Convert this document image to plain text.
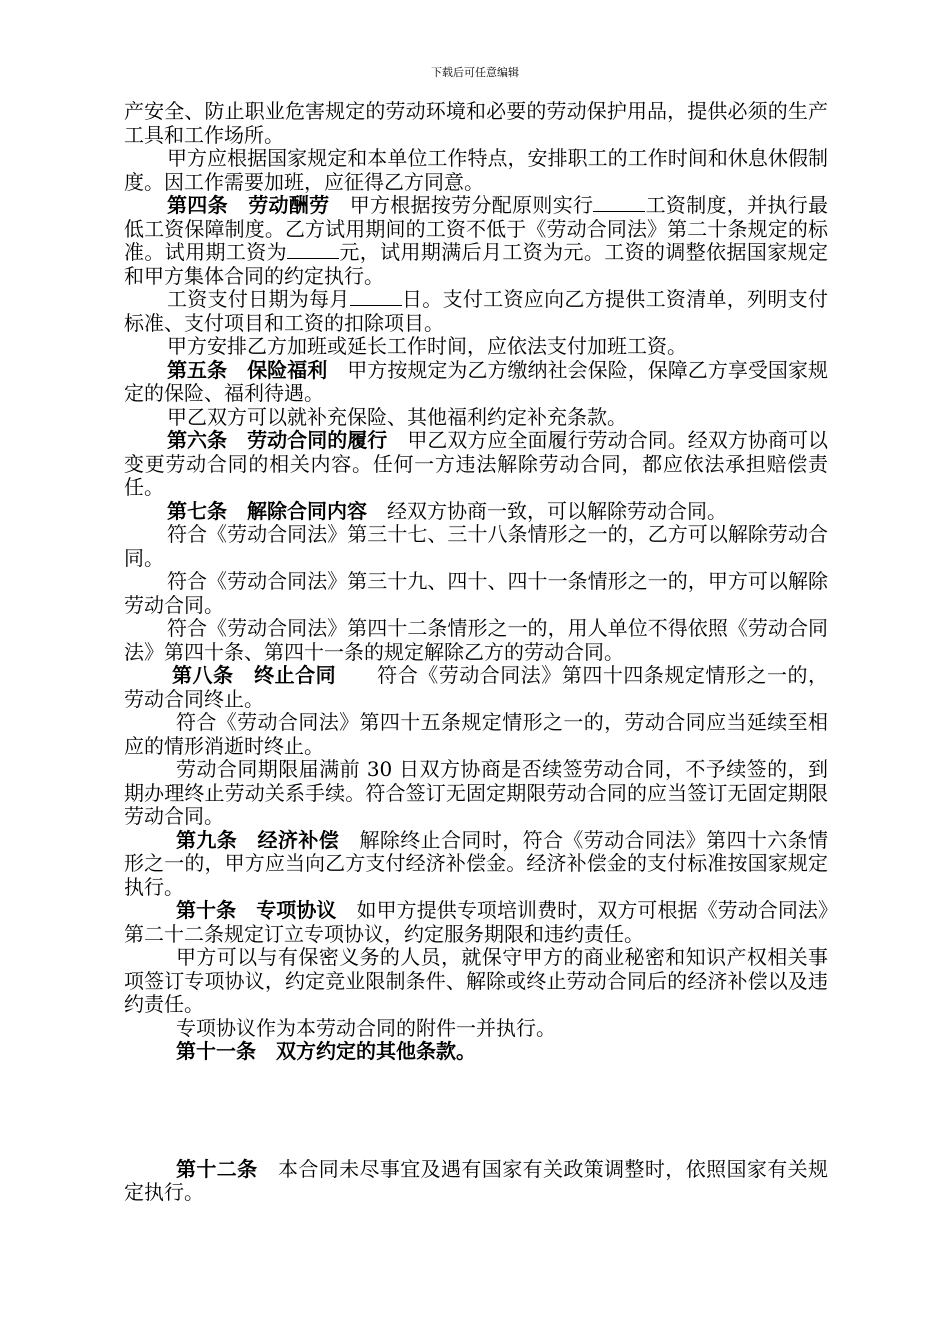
下载后可任意编辑

产安全、防止职业危害规定的劳动环境和必要的劳动保护用品，提供必须的生产工具和工作场所。

甲方应根据国家规定和本单位工作特点，安排职工的工作时间和休息休假制度。因工作需要加班，应征得乙方同意。

第四条　劳动酬劳　甲方根据按劳分配原则实行	工资制度，并执行最低工资保障制度。乙方试用期间的工资不低于《劳动合同法》第二十条规定的标准。试用期工资为	元，试用期满后月工资为元。工资的调整依据国家规定和甲方集体合同的约定执行。

工资支付日期为每月	日。支付工资应向乙方提供工资清单，列明支付标准、支付项目和工资的扣除项目。

甲方安排乙方加班或延长工作时间，应依法支付加班工资。

第五条　保险福利　甲方按规定为乙方缴纳社会保险，保障乙方享受国家规定的保险、福利待遇。

甲乙双方可以就补充保险、其他福利约定补充条款。

第六条　劳动合同的履行　甲乙双方应全面履行劳动合同。经双方协商可以变更劳动合同的相关内容。任何一方违法解除劳动合同，都应依法承担赔偿责任。

第七条　解除合同内容　经双方协商一致，可以解除劳动合同。

符合《劳动合同法》第三十七、三十八条情形之一的，乙方可以解除劳动合同。

符合《劳动合同法》第三十九、四十、四十一条情形之一的，甲方可以解除劳动合同。

符合《劳动合同法》第四十二条情形之一的，用人单位不得依照《劳动合同法》第四十条、第四十一条的规定解除乙方的劳动合同。

第八条　终止合同　　符合《劳动合同法》第四十四条规定情形之一的，劳动合同终止。

符合《劳动合同法》第四十五条规定情形之一的，劳动合同应当延续至相应的情形消逝时终止。

劳动合同期限届满前 30 日双方协商是否续签劳动合同，不予续签的，到期办理终止劳动关系手续。符合签订无固定期限劳动合同的应当签订无固定期限劳动合同。

第九条　经济补偿　解除终止合同时，符合《劳动合同法》第四十六条情形之一的，甲方应当向乙方支付经济补偿金。经济补偿金的支付标准按国家规定执行。

第十条　专项协议　如甲方提供专项培训费时，双方可根据《劳动合同法》第二十二条规定订立专项协议，约定服务期限和违约责任。

甲方可以与有保密义务的人员，就保守甲方的商业秘密和知识产权相关事项签订专项协议，约定竞业限制条件、解除或终止劳动合同后的经济补偿以及违约责任。

专项协议作为本劳动合同的附件一并执行。

第十一条　双方约定的其他条款。

第十二条　本合同未尽事宜及遇有国家有关政策调整时，依照国家有关规定执行。
